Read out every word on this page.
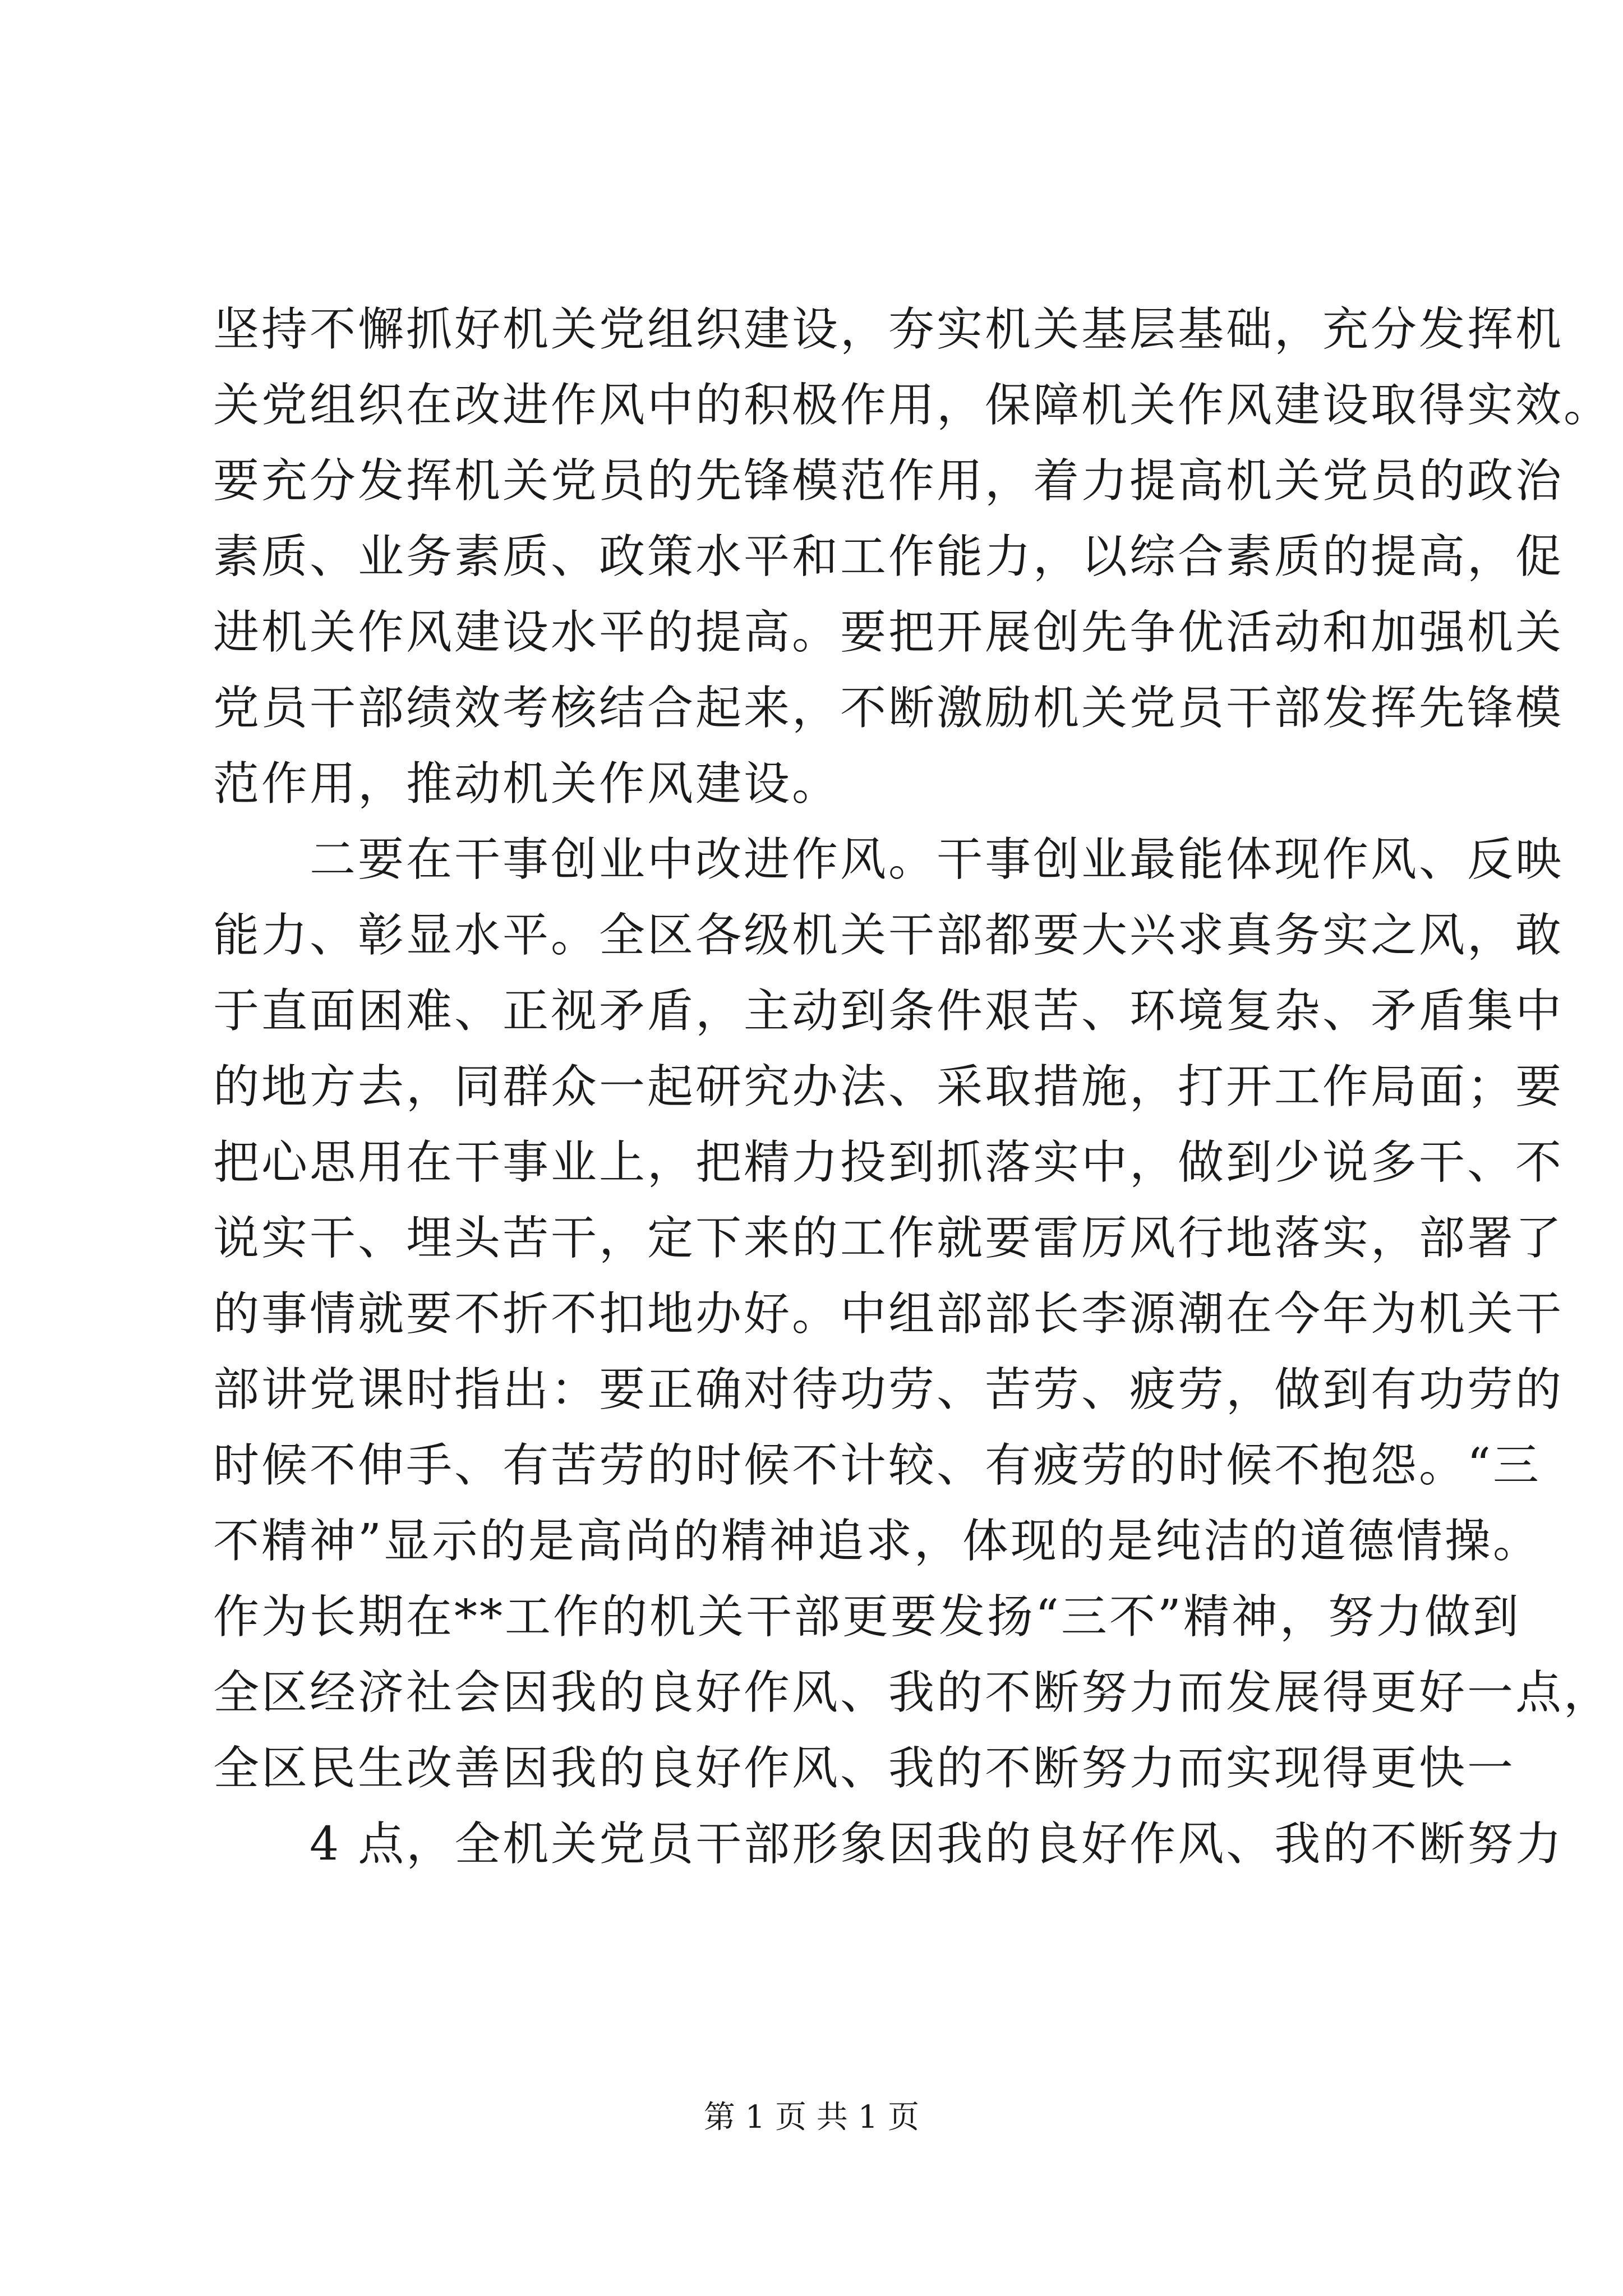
坚持不懈抓好机关党组织建设，夯实机关基层基础，充分发挥机
关党组织在改进作风中的积极作用，保障机关作风建设取得实效。
要充分发挥机关党员的先锋模范作用，着力提高机关党员的政治
素质、业务素质、政策水平和工作能力，以综合素质的提高，促
进机关作风建设水平的提高。要把开展创先争优活动和加强机关
党员干部绩效考核结合起来，不断激励机关党员干部发挥先锋模
范作用，推动机关作风建设。
　　二要在干事创业中改进作风。干事创业最能体现作风、反映
能力、彰显水平。全区各级机关干部都要大兴求真务实之风，敢
于直面困难、正视矛盾，主动到条件艰苦、环境复杂、矛盾集中
的地方去，同群众一起研究办法、采取措施，打开工作局面；要
把心思用在干事业上，把精力投到抓落实中，做到少说多干、不
说实干、埋头苦干，定下来的工作就要雷厉风行地落实，部署了
的事情就要不折不扣地办好。中组部部长李源潮在今年为机关干
部讲党课时指出：要正确对待功劳、苦劳、疲劳，做到有功劳的
时候不伸手、有苦劳的时候不计较、有疲劳的时候不抱怨。“三
不精神”显示的是高尚的精神追求，体现的是纯洁的道德情操。
作为长期在**工作的机关干部更要发扬“三不”精神，努力做到
全区经济社会因我的良好作风、我的不断努力而发展得更好一点，
全区民生改善因我的良好作风、我的不断努力而实现得更快一
　　4 点，全机关党员干部形象因我的良好作风、我的不断努力
第 1 页 共 1 页
